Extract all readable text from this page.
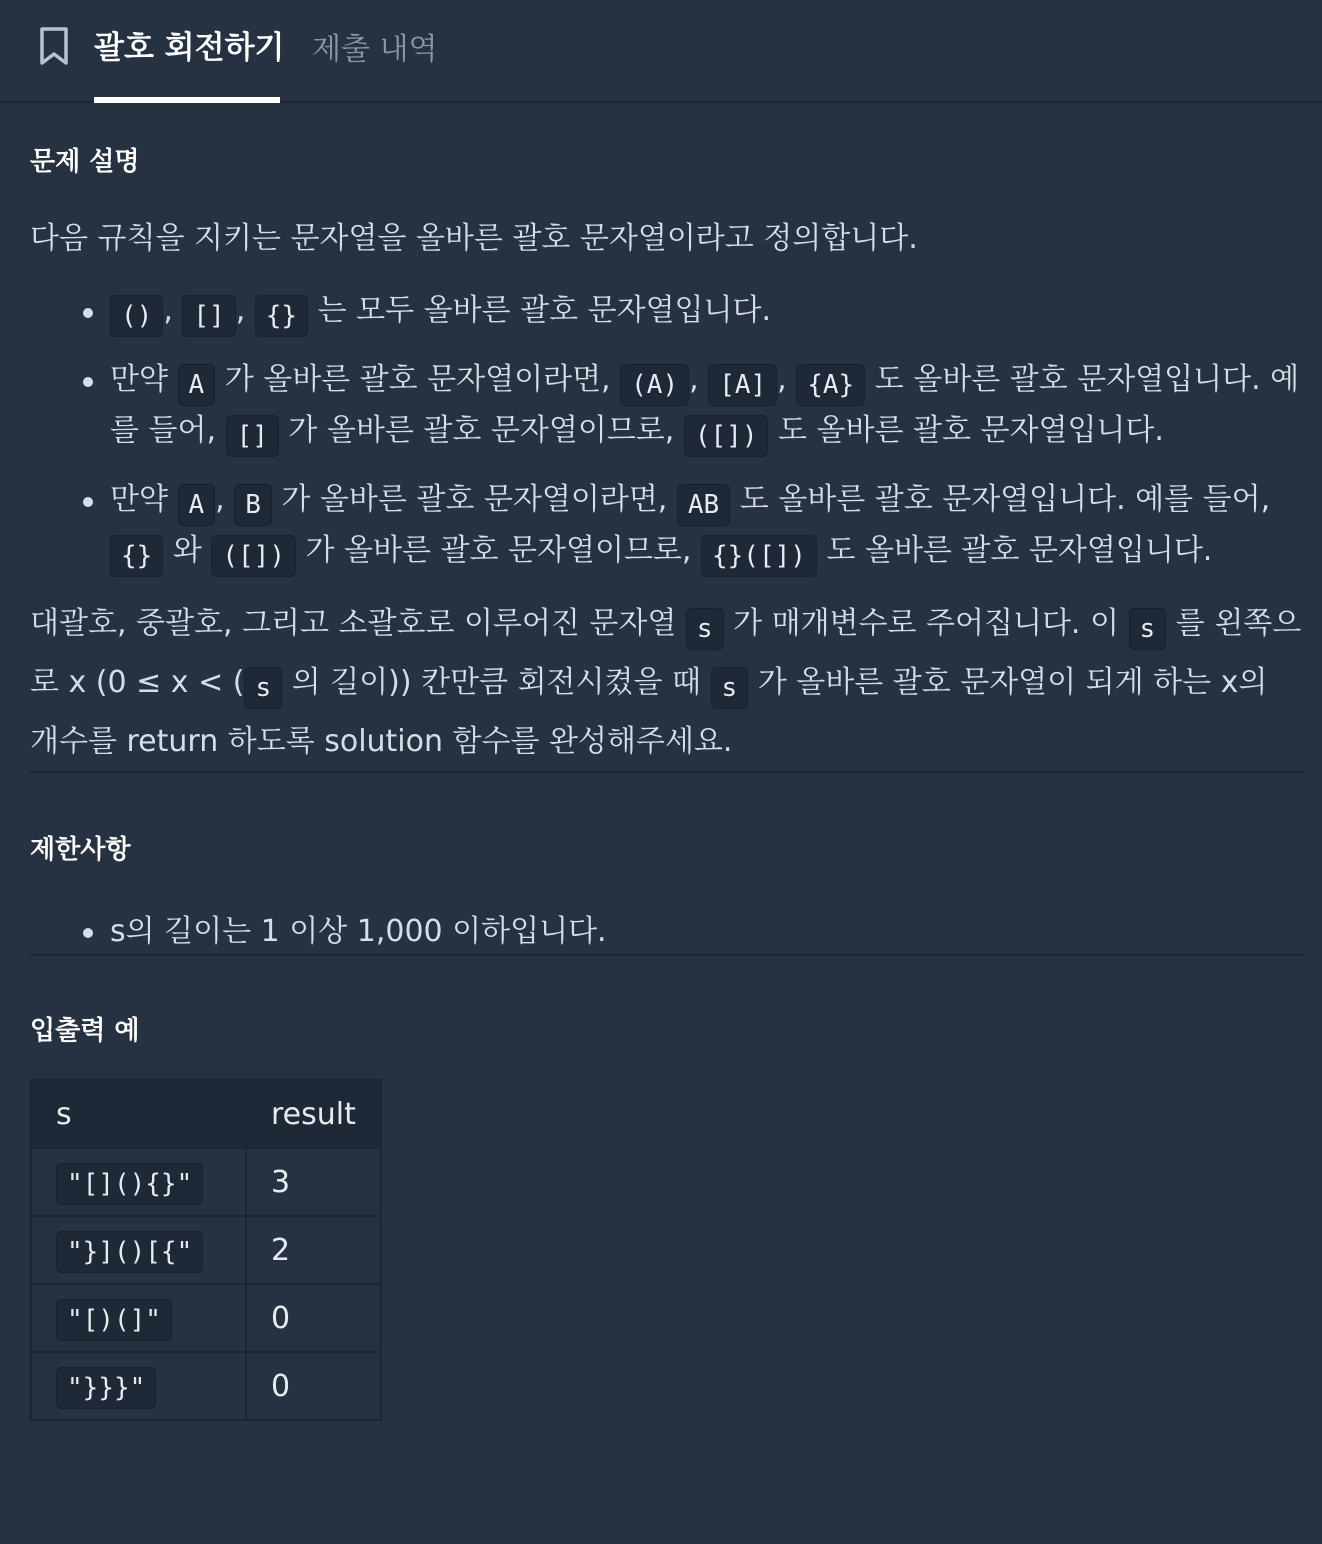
괄호 회전하기 제출 내역
문제 설명

다음 규칙을 지키는 문자열을 올바른 괄호 문자열이라고 정의합니다.

() , [] , {} 는 모두 올바른 괄호 문자열입니다.
만약 A 가 올바른 괄호 문자열이라면, (A) , [A] , {A} 도 올바른 괄호 문자열입니다. 예를 들어, [] 가 올바른 괄호 문자열이므로, ([]) 도 올바른 괄호 문자열입니다.
만약 A , B 가 올바른 괄호 문자열이라면, AB 도 올바른 괄호 문자열입니다. 예를 들어, {} 와 ([]) 가 올바른 괄호 문자열이므로, {}([]) 도 올바른 괄호 문자열입니다.

대괄호, 중괄호, 그리고 소괄호로 이루어진 문자열 s 가 매개변수로 주어집니다. 이 s 를 왼쪽으로 x (0 ≤ x < ( s 의 길이)) 칸만큼 회전시켰을 때 s 가 올바른 괄호 문자열이 되게 하는 x의 개수를 return 하도록 solution 함수를 완성해주세요.

제한사항
s의 길이는 1 이상 1,000 이하입니다.
입출력 예
s	result
"[](){}"	3
"}]()[{"	2
"[)(]"	0
"}}}"	0
